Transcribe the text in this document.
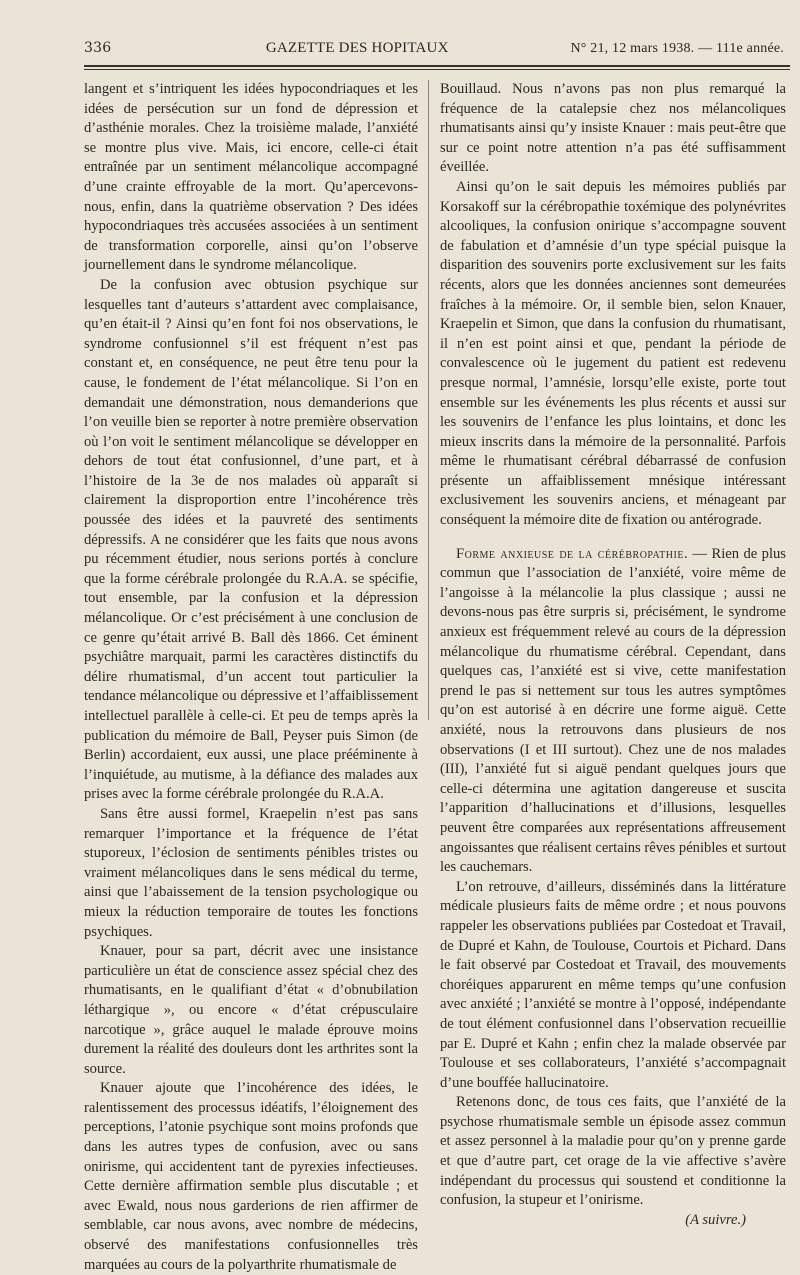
336	GAZETTE DES HOPITAUX	N° 21, 12 mars 1938. — 111e année.

langent et s’intriquent les idées hypocondriaques et les idées de persécution sur un fond de dépression et d’asthénie morales. Chez la troisième malade, l’anxiété se montre plus vive. Mais, ici encore, celle-ci était entraînée par un sentiment mélancolique accompagné d’une crainte effroyable de la mort. Qu’apercevons-nous, enfin, dans la quatrième observation ? Des idées hypocondriaques très accusées associées à un sentiment de transformation corporelle, ainsi qu’on l’observe journellement dans le syndrome mélancolique.

De la confusion avec obtusion psychique sur lesquelles tant d’auteurs s’attardent avec complaisance, qu’en était-il ? Ainsi qu’en font foi nos observations, le syndrome confusionnel s’il est fréquent n’est pas constant et, en conséquence, ne peut être tenu pour la cause, le fondement de l’état mélancolique. Si l’on en demandait une démonstration, nous demanderions que l’on veuille bien se reporter à notre première observation où l’on voit le sentiment mélancolique se développer en dehors de tout état confusionnel, d’une part, et à l’histoire de la 3e de nos malades où apparaît si clairement la disproportion entre l’incohérence très poussée des idées et la pauvreté des sentiments dépressifs. A ne considérer que les faits que nous avons pu récemment étudier, nous serions portés à conclure que la forme cérébrale prolongée du R.A.A. se spécifie, tout ensemble, par la confusion et la dépression mélancolique. Or c’est précisément à une conclusion de ce genre qu’était arrivé B. Ball dès 1866. Cet éminent psychiâtre marquait, parmi les caractères distinctifs du délire rhumatismal, d’un accent tout particulier la tendance mélancolique ou dépressive et l’affaiblissement intellectuel parallèle à celle-ci. Et peu de temps après la publication du mémoire de Ball, Peyser puis Simon (de Berlin) accordaient, eux aussi, une place prééminente à l’inquiétude, au mutisme, à la défiance des malades aux prises avec la forme cérébrale prolongée du R.A.A.

Sans être aussi formel, Kraepelin n’est pas sans remarquer l’importance et la fréquence de l’état stuporeux, l’éclosion de sentiments pénibles tristes ou vraiment mélancoliques dans le sens médical du terme, ainsi que l’abaissement de la tension psychologique ou mieux la réduction temporaire de toutes les fonctions psychiques.

Knauer, pour sa part, décrit avec une insistance particulière un état de conscience assez spécial chez des rhumatisants, en le qualifiant d’état « d’obnubilation léthargique », ou encore « d’état crépusculaire narcotique », grâce auquel le malade éprouve moins durement la réalité des douleurs dont les arthrites sont la source.

Knauer ajoute que l’incohérence des idées, le ralentissement des processus idéatifs, l’éloignement des perceptions, l’atonie psychique sont moins profonds que dans les autres types de confusion, avec ou sans onirisme, qui accidentent tant de pyrexies infectieuses. Cette dernière affirmation semble plus discutable ; et avec Ewald, nous nous garderions de rien affirmer de semblable, car nous avons, avec nombre de médecins, observé des manifestations confusionnelles très marquées au cours de la polyarthrite rhumatismale de

Bouillaud. Nous n’avons pas non plus remarqué la fréquence de la catalepsie chez nos mélancoliques rhumatisants ainsi qu’y insiste Knauer : mais peut-être que sur ce point notre attention n’a pas été suffisamment éveillée.

Ainsi qu’on le sait depuis les mémoires publiés par Korsakoff sur la cérébropathie toxémique des polynévrites alcooliques, la confusion onirique s’accompagne souvent de fabulation et d’amnésie d’un type spécial puisque la disparition des souvenirs porte exclusivement sur les faits récents, alors que les données anciennes sont demeurées fraîches à la mémoire. Or, il semble bien, selon Knauer, Kraepelin et Simon, que dans la confusion du rhumatisant, il n’en est point ainsi et que, pendant la période de convalescence où le jugement du patient est redevenu presque normal, l’amnésie, lorsqu’elle existe, porte tout ensemble sur les événements les plus récents et aussi sur les souvenirs de l’enfance les plus lointains, et donc les mieux inscrits dans la mémoire de la personnalité. Parfois même le rhumatisant cérébral débarrassé de confusion présente un affaiblissement mnésique intéressant exclusivement les souvenirs anciens, et ménageant par conséquent la mémoire dite de fixation ou antérograde.

Forme anxieuse de la cérébropathie. — Rien de plus commun que l’association de l’anxiété, voire même de l’angoisse à la mélancolie la plus classique ; aussi ne devons-nous pas être surpris si, précisément, le syndrome anxieux est fréquemment relevé au cours de la dépression mélancolique du rhumatisme cérébral. Cependant, dans quelques cas, l’anxiété est si vive, cette manifestation prend le pas si nettement sur tous les autres symptômes qu’on est autorisé à en décrire une forme aiguë. Cette anxiété, nous la retrouvons dans plusieurs de nos observations (I et III surtout). Chez une de nos malades (III), l’anxiété fut si aiguë pendant quelques jours que celle-ci détermina une agitation dangereuse et suscita l’apparition d’hallucinations et d’illusions, lesquelles peuvent être comparées aux représentations affreusement angoissantes que réalisent certains rêves pénibles et surtout les cauchemars.

L’on retrouve, d’ailleurs, disséminés dans la littérature médicale plusieurs faits de même ordre ; et nous pouvons rappeler les observations publiées par Costedoat et Travail, de Dupré et Kahn, de Toulouse, Courtois et Pichard. Dans le fait observé par Costedoat et Travail, des mouvements choréiques apparurent en même temps qu’une confusion avec anxiété ; l’anxiété se montre à l’opposé, indépendante de tout élément confusionnel dans l’observation recueillie par E. Dupré et Kahn ; enfin chez la malade observée par Toulouse et ses collaborateurs, l’anxiété s’accompagnait d’une bouffée hallucinatoire.

Retenons donc, de tous ces faits, que l’anxiété de la psychose rhumatismale semble un épisode assez commun et assez personnel à la maladie pour qu’on y prenne garde et que d’autre part, cet orage de la vie affective s’avère indépendant du processus qui soustend et conditionne la confusion, la stupeur et l’onirisme.

(A suivre.)
